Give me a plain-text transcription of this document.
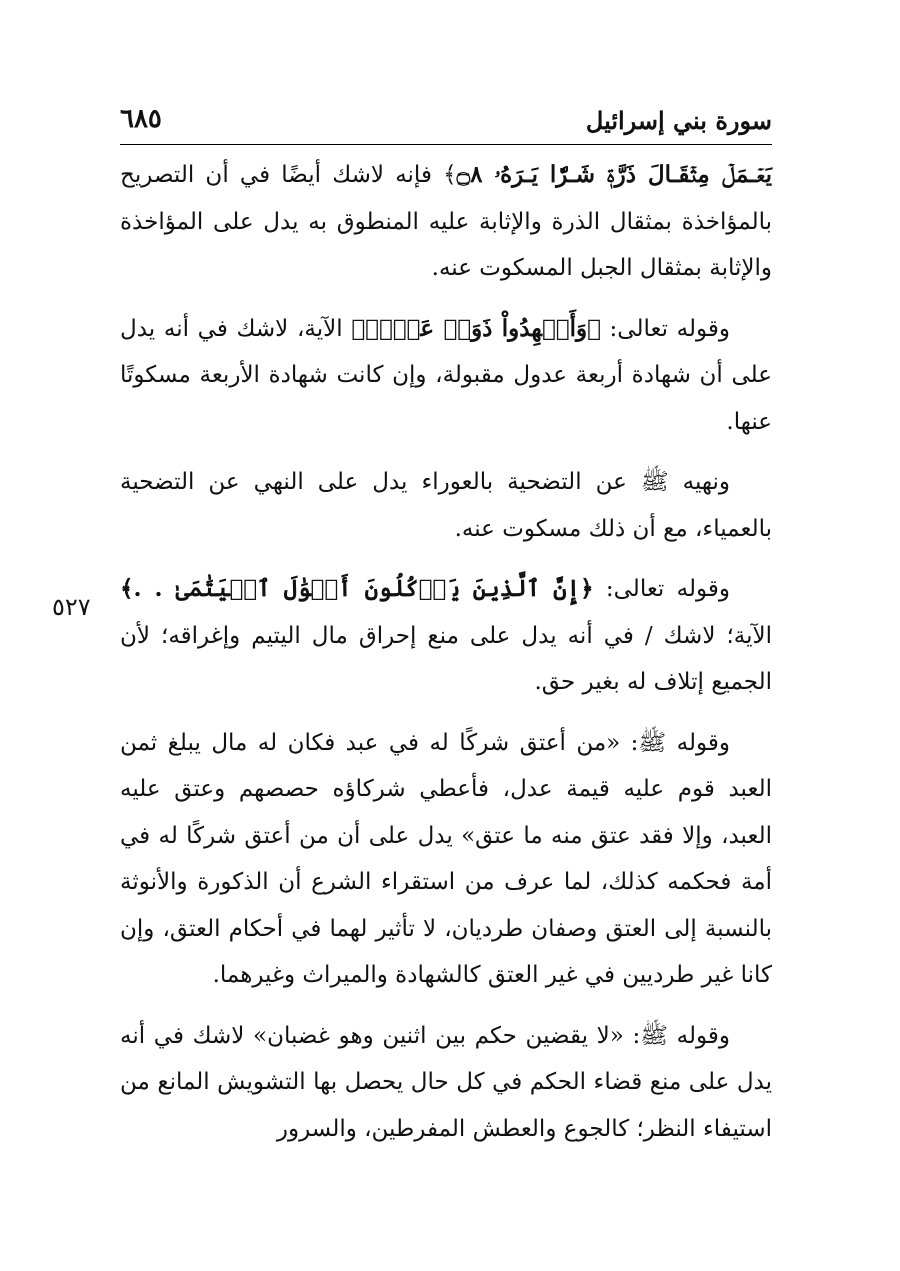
٦٨٥	سورة بني إسرائيل
٥٢٧

يَعۡـمَلۡ مِثۡقَـالَ ذَرَّةٖ شَـرّٗا يَـرَهُۥ ۝٨﴾ فإنه لاشك أيضًا في أن التصريح بالمؤاخذة بمثقال الذرة والإثابة عليه المنطوق به يدل على المؤاخذة والإثابة بمثقال الجبل المسكوت عنه.

وقوله تعالى: ﴿وَأَشۡهِدُواْ ذَوَيۡ عَدۡلٖ﴾ الآية، لاشك في أنه يدل على أن شهادة أربعة عدول مقبولة، وإن كانت شهادة الأربعة مسكوتًا عنها.

ونهيه ﷺ عن التضحية بالعوراء يدل على النهي عن التضحية بالعمياء، مع أن ذلك مسكوت عنه.

وقوله تعالى: ﴿إِنَّ ٱلَّذِينَ يَأۡكُلُونَ أَمۡوَٰلَ ٱلۡيَتَٰمَىٰ . .﴾ الآية؛ لاشك / في أنه يدل على منع إحراق مال اليتيم وإغراقه؛ لأن الجميع إتلاف له بغير حق.

وقوله ﷺ: «من أعتق شركًا له في عبد فكان له مال يبلغ ثمن العبد قوم عليه قيمة عدل، فأعطي شركاؤه حصصهم وعتق عليه العبد، وإلا فقد عتق منه ما عتق» يدل على أن من أعتق شركًا له في أمة فحكمه كذلك، لما عرف من استقراء الشرع أن الذكورة والأنوثة بالنسبة إلى العتق وصفان طرديان، لا تأثير لهما في أحكام العتق، وإن كانا غير طرديين في غير العتق كالشهادة والميراث وغيرهما.

وقوله ﷺ: «لا يقضين حكم بين اثنين وهو غضبان» لاشك في أنه يدل على منع قضاء الحكم في كل حال يحصل بها التشويش المانع من استيفاء النظر؛ كالجوع والعطش المفرطين، والسرور
